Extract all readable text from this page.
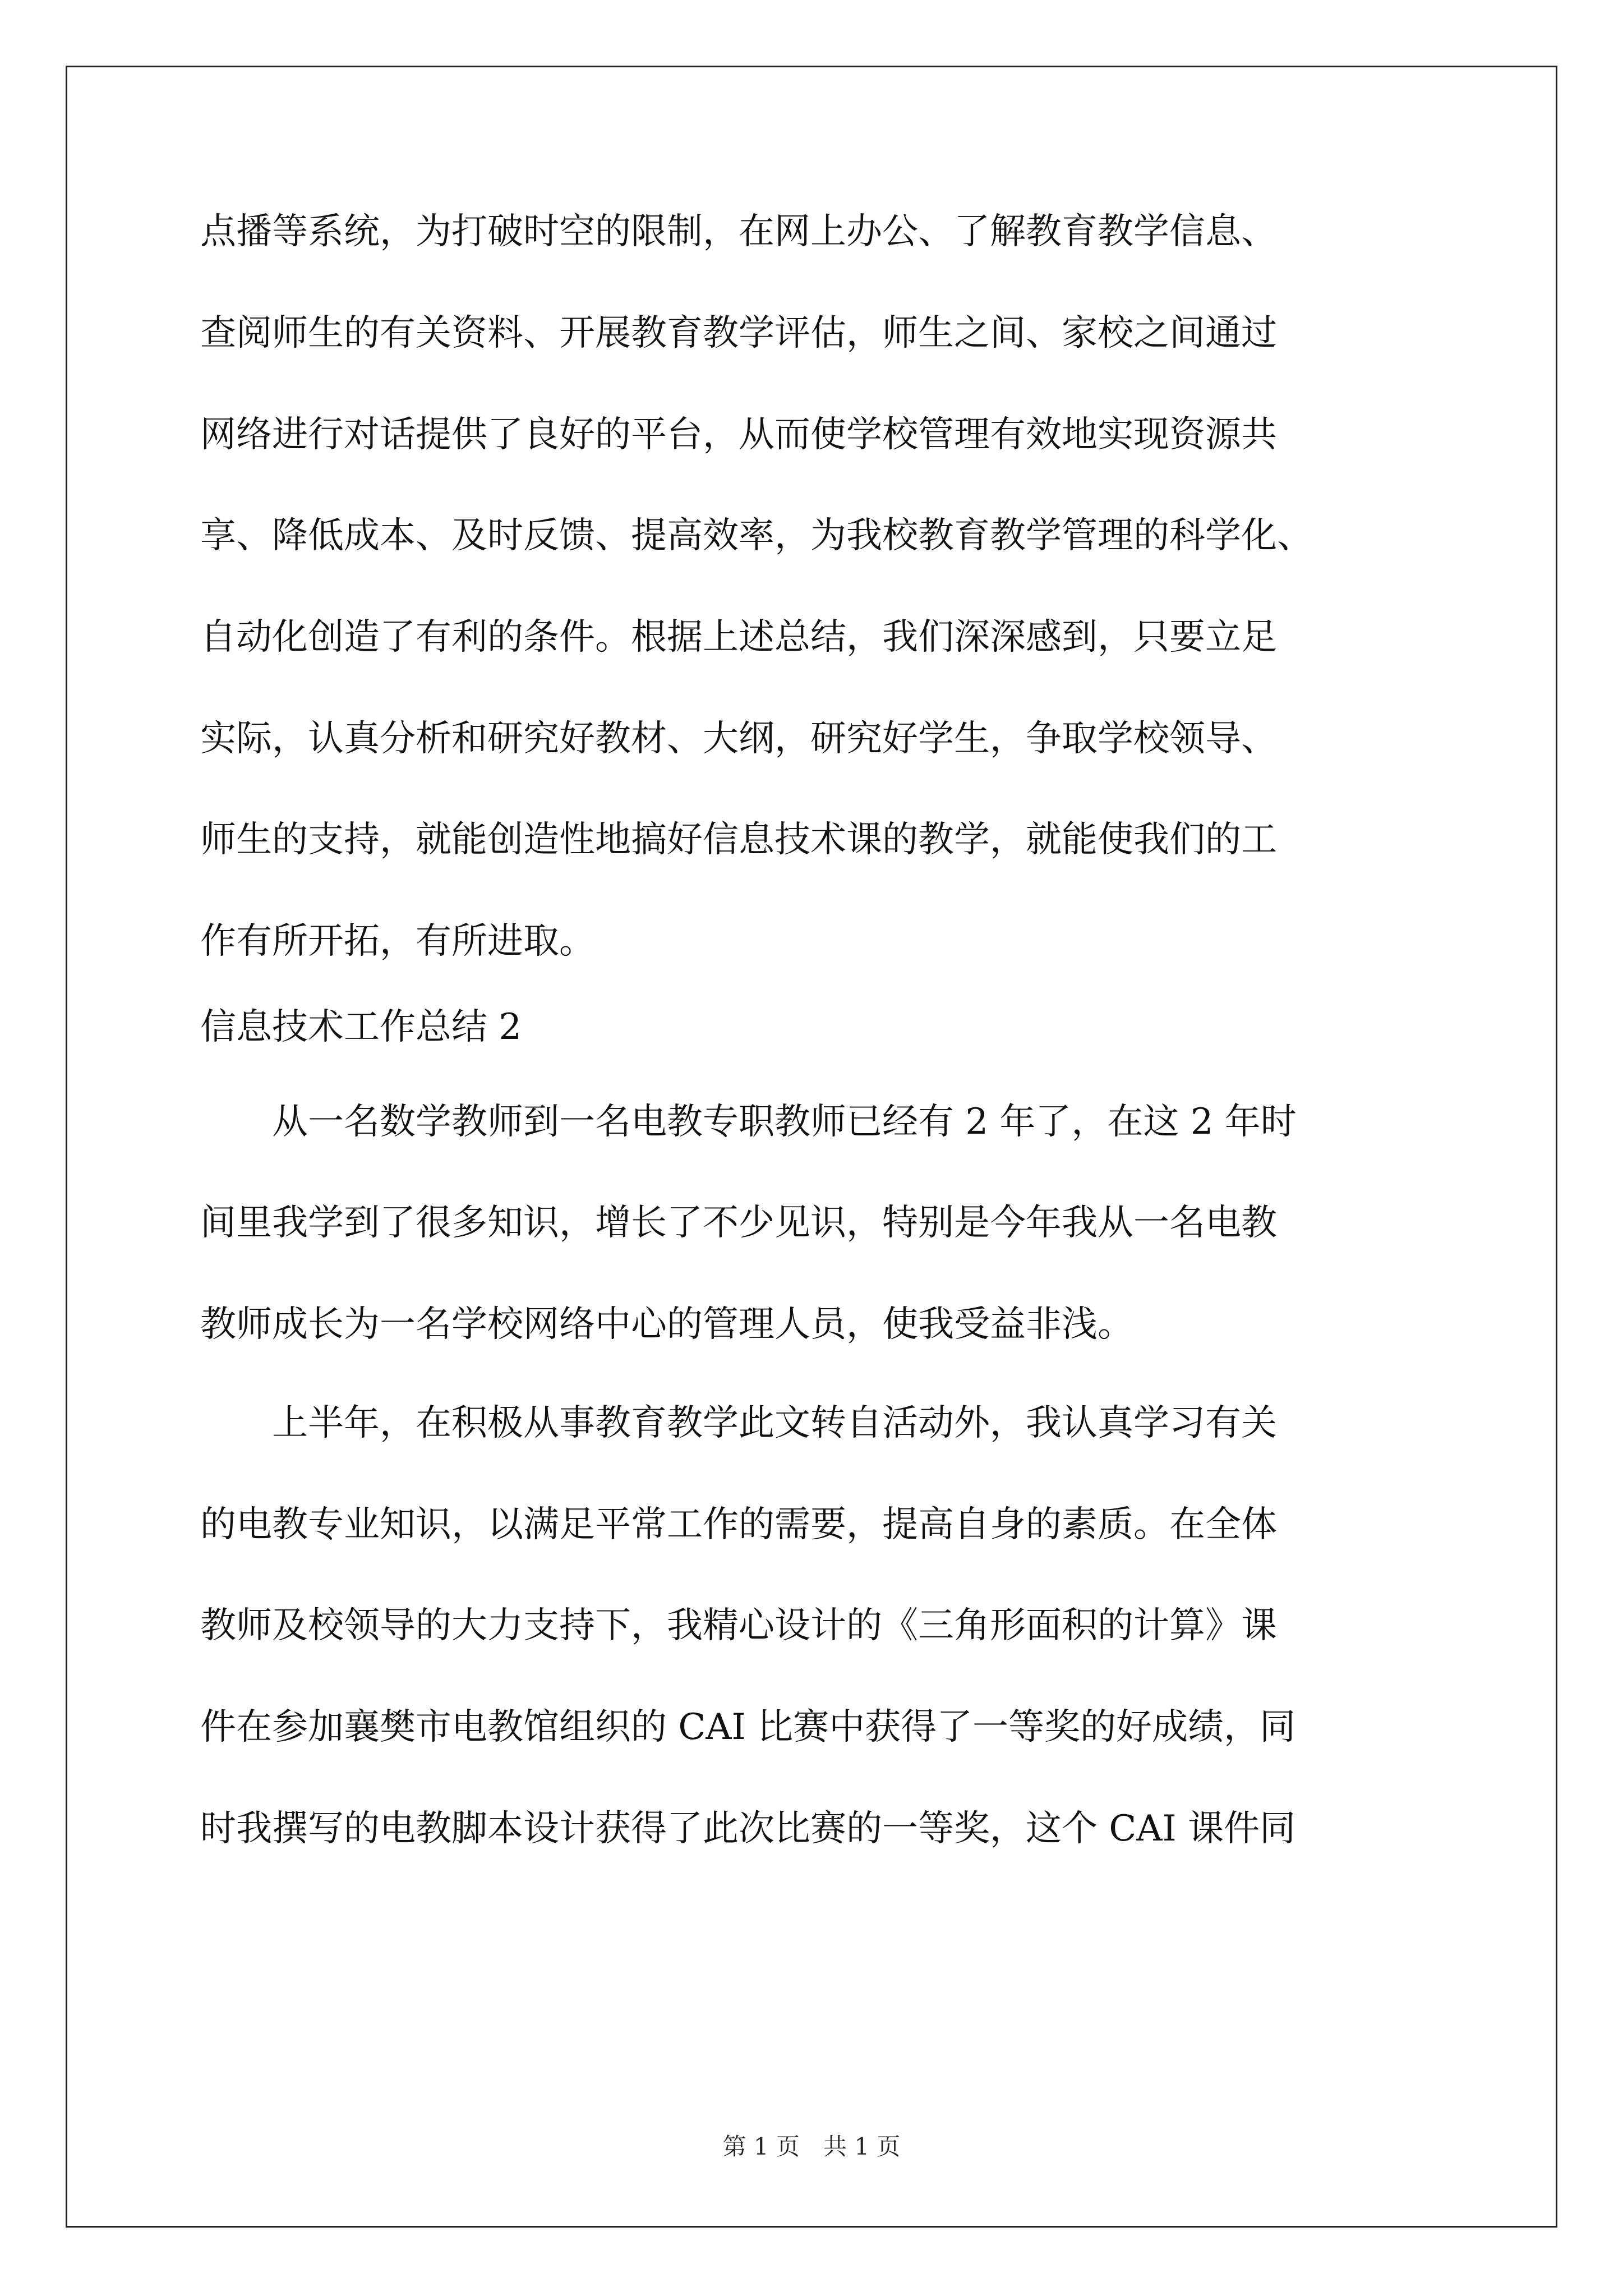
点播等系统，为打破时空的限制，在网上办公、了解教育教学信息、
查阅师生的有关资料、开展教育教学评估，师生之间、家校之间通过
网络进行对话提供了良好的平台，从而使学校管理有效地实现资源共
享、降低成本、及时反馈、提高效率，为我校教育教学管理的科学化、
自动化创造了有利的条件。根据上述总结，我们深深感到，只要立足
实际，认真分析和研究好教材、大纲，研究好学生，争取学校领导、
师生的支持，就能创造性地搞好信息技术课的教学，就能使我们的工
作有所开拓，有所进取。
信息技术工作总结 2
从一名数学教师到一名电教专职教师已经有 2 年了，在这 2 年时
间里我学到了很多知识，增长了不少见识，特别是今年我从一名电教
教师成长为一名学校网络中心的管理人员，使我受益非浅。
上半年，在积极从事教育教学此文转自活动外，我认真学习有关
的电教专业知识，以满足平常工作的需要，提高自身的素质。在全体
教师及校领导的大力支持下，我精心设计的《三角形面积的计算》课
件在参加襄樊市电教馆组织的 CAI 比赛中获得了一等奖的好成绩，同
时我撰写的电教脚本设计获得了此次比赛的一等奖，这个 CAI 课件同
第 1 页　共 1 页
